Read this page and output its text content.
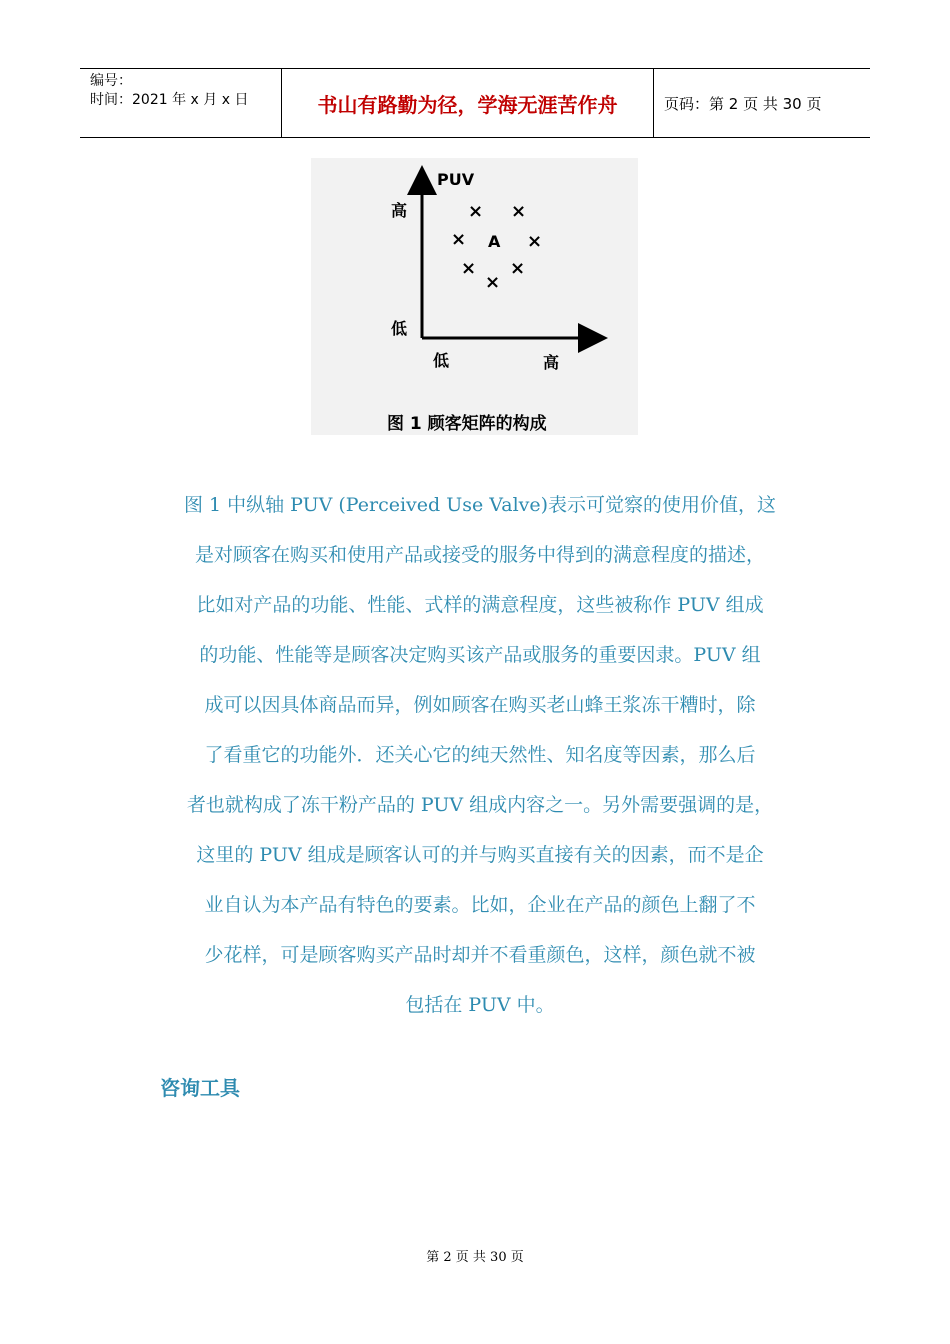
编号：
时间：2021 年 x 月 x 日	书山有路勤为径，学海无涯苦作舟	页码：第 2 页 共 30 页
PUV
高
低
低	高
A
× ×
×	×
× ×
×
图 1 顾客矩阵的构成
图 1 中纵轴 PUV (Perceived Use Valve)表示可觉察的使用价值，这
是对顾客在购买和使用产品或接受的服务中得到的满意程度的描述，
比如对产品的功能、性能、式样的满意程度，这些被称作 PUV 组成
的功能、性能等是顾客决定购买该产品或服务的重要因隶。PUV 组
成可以因具体商品而异，例如顾客在购买老山蜂王浆冻干糟时，除
了看重它的功能外．还关心它的纯天然性、知名度等因素，那么后
者也就构成了冻干粉产品的 PUV 组成内容之一。另外需要强调的是，
这里的 PUV 组成是顾客认可的并与购买直接有关的因素，而不是企
业自认为本产品有特色的要素。比如，企业在产品的颜色上翻了不
少花样，可是顾客购买产品时却并不看重颜色，这样，颜色就不被
包括在 PUV 中。
咨询工具
第 2 页 共 30 页
